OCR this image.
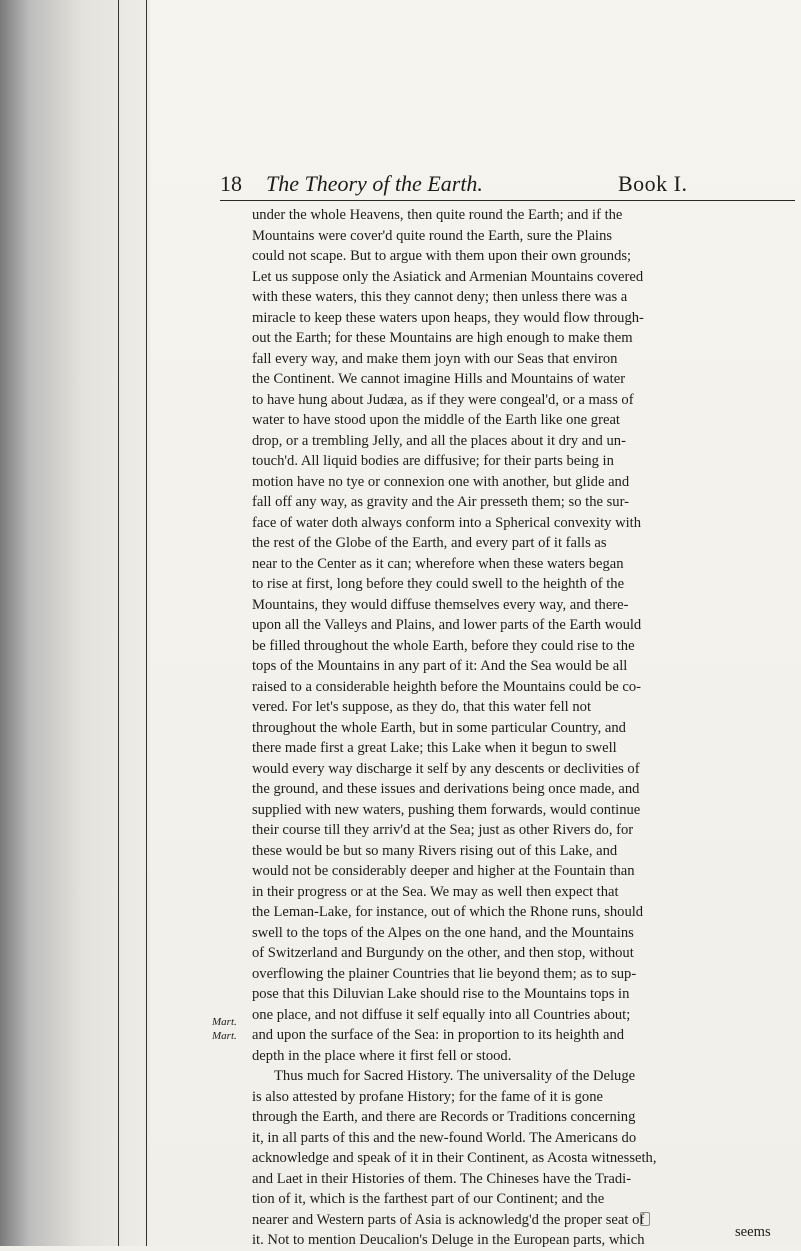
18 The Theory of the Earth.	Book I.
under the whole Heavens, then quite round the Earth; and if the
Mountains were cover'd quite round the Earth, sure the Plains
could not scape. But to argue with them upon their own grounds;
Let us suppose only the Asiatick and Armenian Mountains covered
with these waters, this they cannot deny; then unless there was a
miracle to keep these waters upon heaps, they would flow through-
out the Earth; for these Mountains are high enough to make them
fall every way, and make them joyn with our Seas that environ
the Continent. We cannot imagine Hills and Mountains of water
to have hung about Judæa, as if they were congeal'd, or a mass of
water to have stood upon the middle of the Earth like one great
drop, or a trembling Jelly, and all the places about it dry and un-
touch'd. All liquid bodies are diffusive; for their parts being in
motion have no tye or connexion one with another, but glide and
fall off any way, as gravity and the Air presseth them; so the sur-
face of water doth always conform into a Spherical convexity with
the rest of the Globe of the Earth, and every part of it falls as
near to the Center as it can; wherefore when these waters began
to rise at first, long before they could swell to the heighth of the
Mountains, they would diffuse themselves every way, and there-
upon all the Valleys and Plains, and lower parts of the Earth would
be filled throughout the whole Earth, before they could rise to the
tops of the Mountains in any part of it: And the Sea would be all
raised to a considerable heighth before the Mountains could be co-
vered. For let's suppose, as they do, that this water fell not
throughout the whole Earth, but in some particular Country, and
there made first a great Lake; this Lake when it begun to swell
would every way discharge it self by any descents or declivities of
the ground, and these issues and derivations being once made, and
supplied with new waters, pushing them forwards, would continue
their course till they arriv'd at the Sea; just as other Rivers do, for
these would be but so many Rivers rising out of this Lake, and
would not be considerably deeper and higher at the Fountain than
in their progress or at the Sea. We may as well then expect that
the Leman-Lake, for instance, out of which the Rhone runs, should
swell to the tops of the Alpes on the one hand, and the Mountains
of Switzerland and Burgundy on the other, and then stop, without
overflowing the plainer Countries that lie beyond them; as to sup-
pose that this Diluvian Lake should rise to the Mountains tops in
one place, and not diffuse it self equally into all Countries about;
and upon the surface of the Sea: in proportion to its heighth and
depth in the place where it first fell or stood.
Thus much for Sacred History. The universality of the Deluge
is also attested by profane History; for the fame of it is gone
through the Earth, and there are Records or Traditions concerning
it, in all parts of this and the new-found World. The Americans do
acknowledge and speak of it in their Continent, as Acosta witnesseth,
and Laet in their Histories of them. The Chineses have the Tradi-
tion of it, which is the farthest part of our Continent; and the
nearer and Western parts of Asia is acknowledg'd the proper seat of
it. Not to mention Deucalion's Deluge in the European parts, which
Mart.
Mart.
seems
